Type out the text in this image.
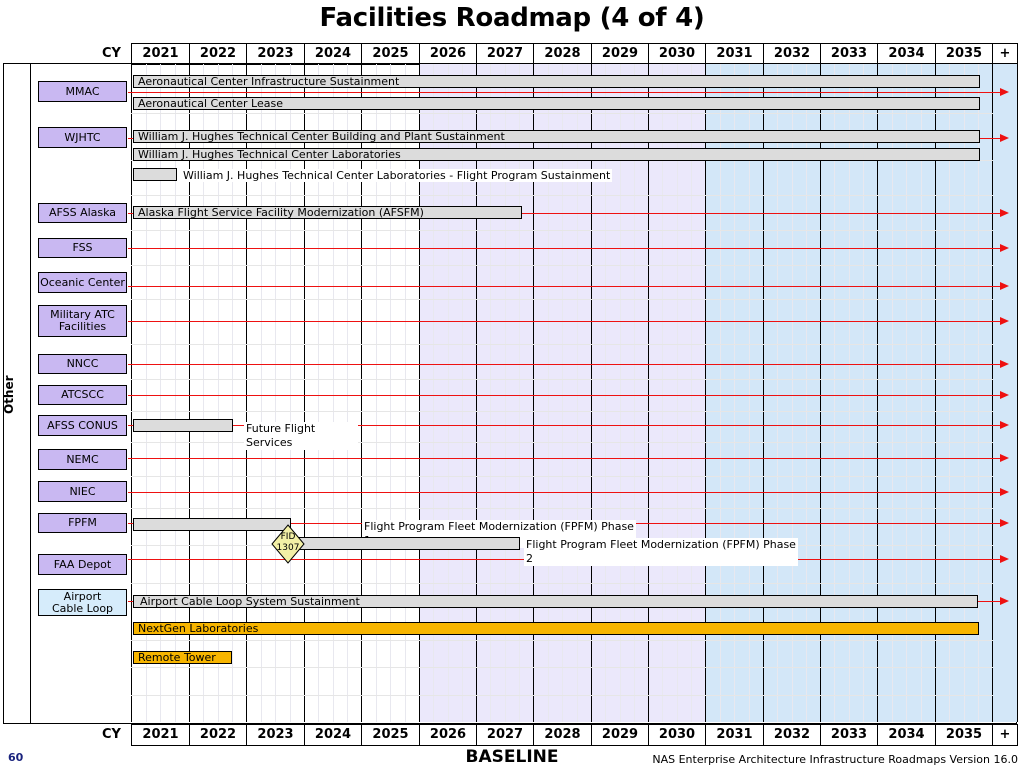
Facilities Roadmap (4 of 4)
CY	2021	2022	2023	2024	2025	2026	2027	2028	2029	2030	2031	2032	2033	2034	2035	+
Other
MMAC
WJHTC
AFSS Alaska
FSS
Oceanic Center
Military ATC Facilities
NNCC
ATCSCC
AFSS CONUS
NEMC
NIEC
FPFM
FAA Depot
Airport Cable Loop
Aeronautical Center Infrastructure Sustainment
Aeronautical Center Lease
William J. Hughes Technical Center Building and Plant Sustainment
William J. Hughes Technical Center Laboratories
William J. Hughes Technical Center Laboratories - Flight Program Sustainment
Alaska Flight Service Facility Modernization (AFSFM)
Future Flight Services
Flight Program Fleet Modernization (FPFM) Phase
Flight Program Fleet Modernization (FPFM) Phase 2
Airport Cable Loop System Sustainment
NextGen Laboratories
Remote Tower
FID 1307
CY	2021	2022	2023	2024	2025	2026	2027	2028	2029	2030	2031	2032	2033	2034	2035	+
BASELINE	NAS Enterprise Architecture Infrastructure Roadmaps Version 16.0
60
